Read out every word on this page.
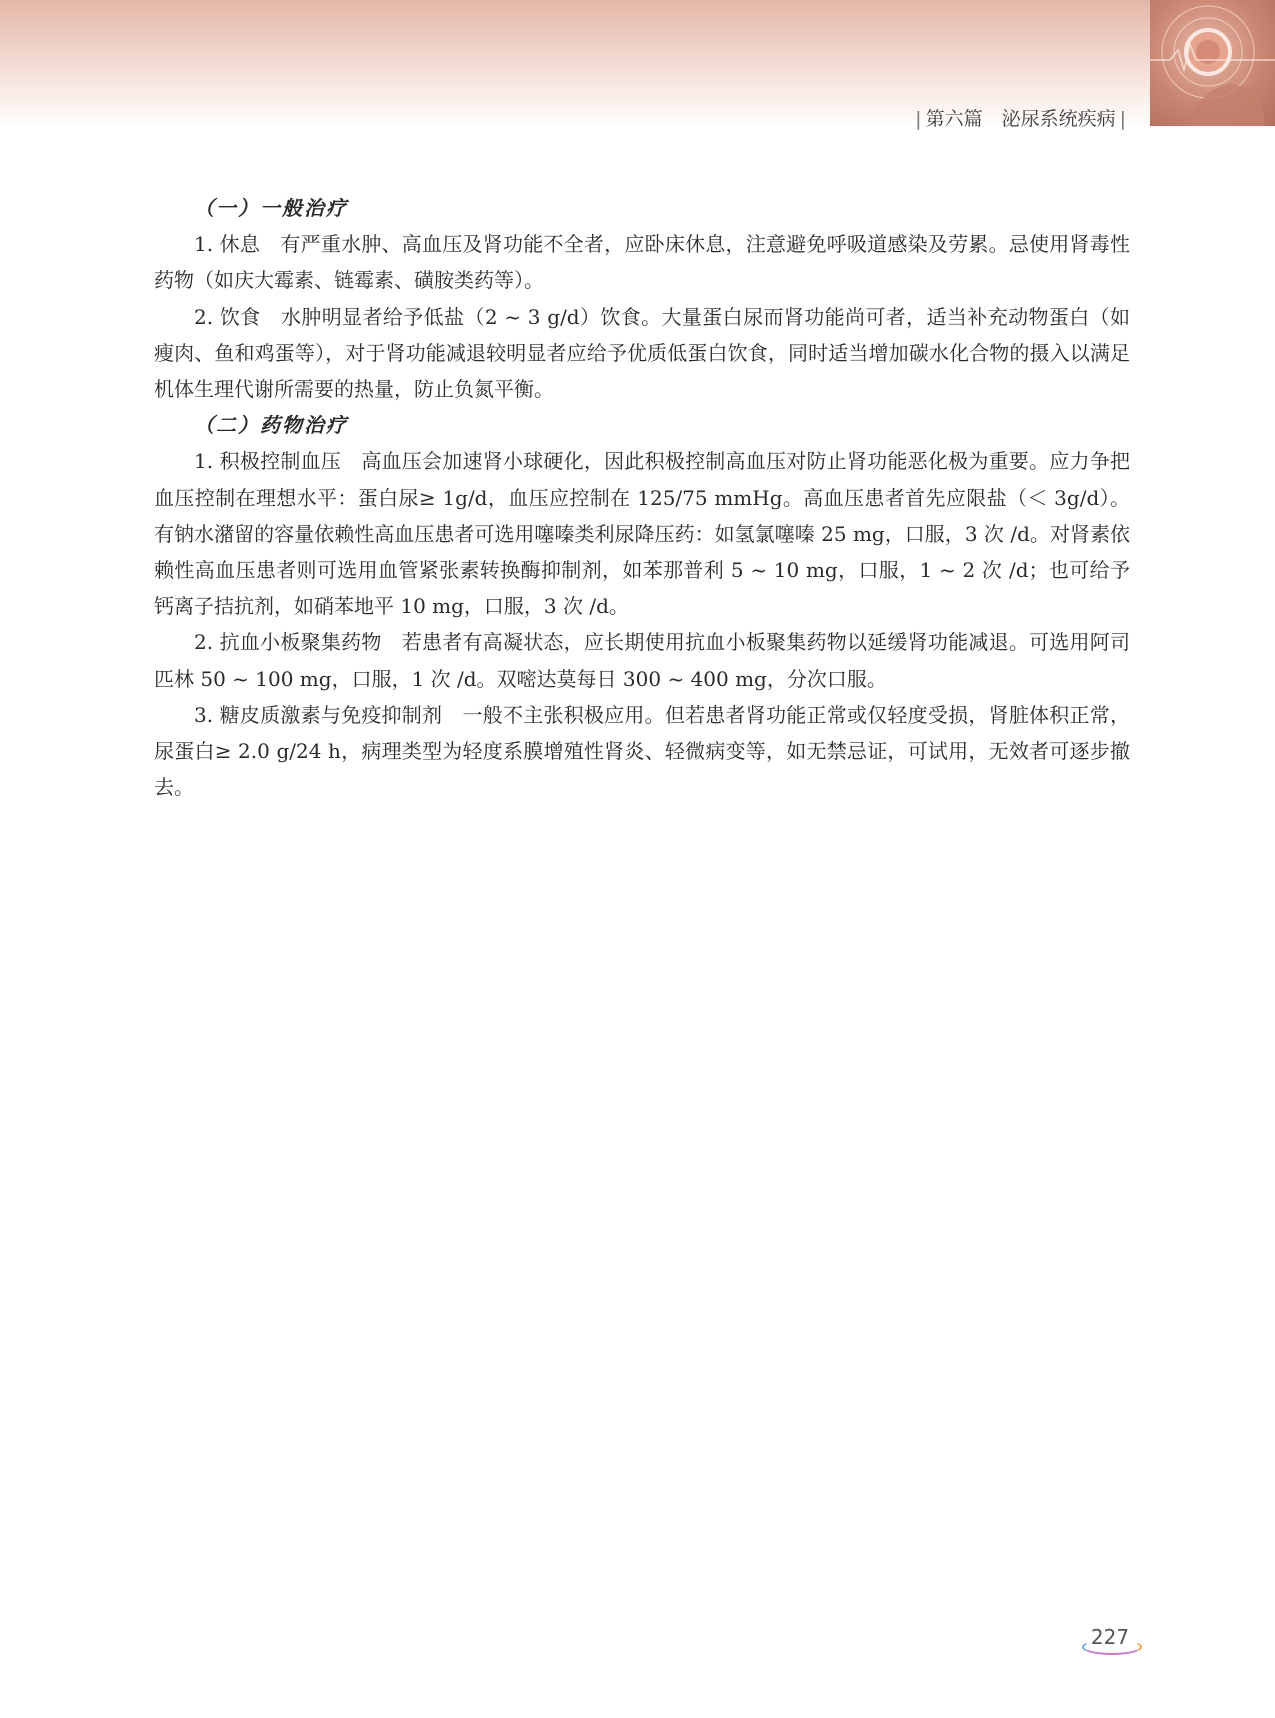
| 第六篇　泌尿系统疾病 |

（一）一般治疗

1. 休息　有严重水肿、高血压及肾功能不全者，应卧床休息，注意避免呼吸道感染及劳累。忌使用肾毒性药物（如庆大霉素、链霉素、磺胺类药等）。

2. 饮食　水肿明显者给予低盐（2 ~ 3 g/d）饮食。大量蛋白尿而肾功能尚可者，适当补充动物蛋白（如瘦肉、鱼和鸡蛋等），对于肾功能减退较明显者应给予优质低蛋白饮食，同时适当增加碳水化合物的摄入以满足机体生理代谢所需要的热量，防止负氮平衡。

（二）药物治疗

1. 积极控制血压　高血压会加速肾小球硬化，因此积极控制高血压对防止肾功能恶化极为重要。应力争把血压控制在理想水平：蛋白尿≥ 1g/d，血压应控制在 125/75 mmHg。高血压患者首先应限盐（＜ 3g/d）。有钠水潴留的容量依赖性高血压患者可选用噻嗪类利尿降压药：如氢氯噻嗪 25 mg，口服，3 次 /d。对肾素依赖性高血压患者则可选用血管紧张素转换酶抑制剂，如苯那普利 5 ~ 10 mg，口服，1 ~ 2 次 /d；也可给予钙离子拮抗剂，如硝苯地平 10 mg，口服，3 次 /d。

2. 抗血小板聚集药物　若患者有高凝状态，应长期使用抗血小板聚集药物以延缓肾功能减退。可选用阿司匹林 50 ~ 100 mg，口服，1 次 /d。双嘧达莫每日 300 ~ 400 mg，分次口服。

3. 糖皮质激素与免疫抑制剂　一般不主张积极应用。但若患者肾功能正常或仅轻度受损，肾脏体积正常，尿蛋白≥ 2.0 g/24 h，病理类型为轻度系膜增殖性肾炎、轻微病变等，如无禁忌证，可试用，无效者可逐步撤去。

227
